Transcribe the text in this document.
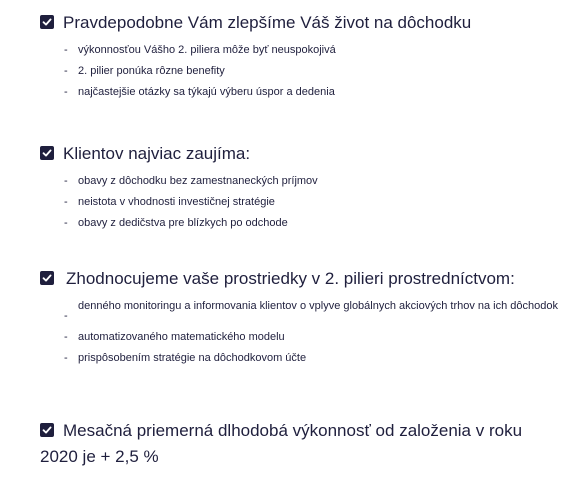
Pravdepodobne Vám zlepšíme Váš život na dôchodku
- výkonnosťou Vášho 2. piliera môže byť neuspokojivá
- 2. pilier ponúka rôzne benefity
- najčastejšie otázky sa týkajú výberu úspor a dedenia
Klientov najviac zaujíma:
- obavy z dôchodku bez zamestnaneckých príjmov
- neistota v vhodnosti investičnej stratégie
- obavy z dedičstva pre blízkych po odchode
Zhodnocujeme vaše prostriedky v 2. pilieri prostredníctvom:
-
denného monitoringu a informovania klientov o vplyve globálnych akciových trhov na ich dôchodok
- automatizovaného matematického modelu
- prispôsobením stratégie na dôchodkovom účte
Mesačná priemerná dlhodobá výkonnosť od založenia v roku
2020 je + 2,5 %
